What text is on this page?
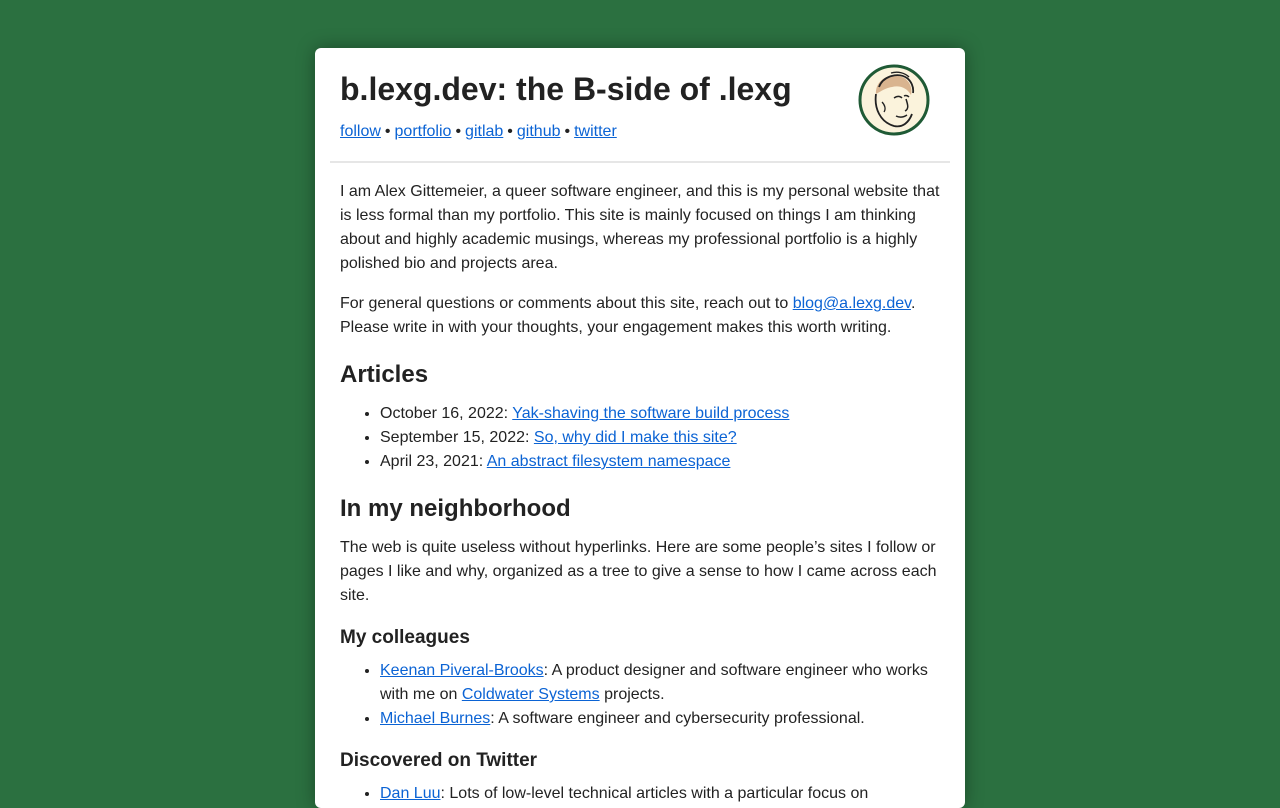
b.lexg.dev: the B-side of .lexg
follow • portfolio • gitlab • github • twitter

I am Alex Gittemeier, a queer software engineer, and this is my personal website that is less formal than my portfolio. This site is mainly focused on things I am thinking about and highly academic musings, whereas my professional portfolio is a highly polished bio and projects area.

For general questions or comments about this site, reach out to blog@a.lexg.dev. Please write in with your thoughts, your engagement makes this worth writing.

Articles
• October 16, 2022: Yak-shaving the software build process
• September 15, 2022: So, why did I make this site?
• April 23, 2021: An abstract filesystem namespace
In my neighborhood

The web is quite useless without hyperlinks. Here are some people’s sites I follow or pages I like and why, organized as a tree to give a sense to how I came across each site.

My colleagues
• Keenan Piveral-Brooks: A product designer and software engineer who works with me on Coldwater Systems projects.
• Michael Burnes: A software engineer and cybersecurity professional.
Discovered on Twitter
• Dan Luu: Lots of low-level technical articles with a particular focus on
